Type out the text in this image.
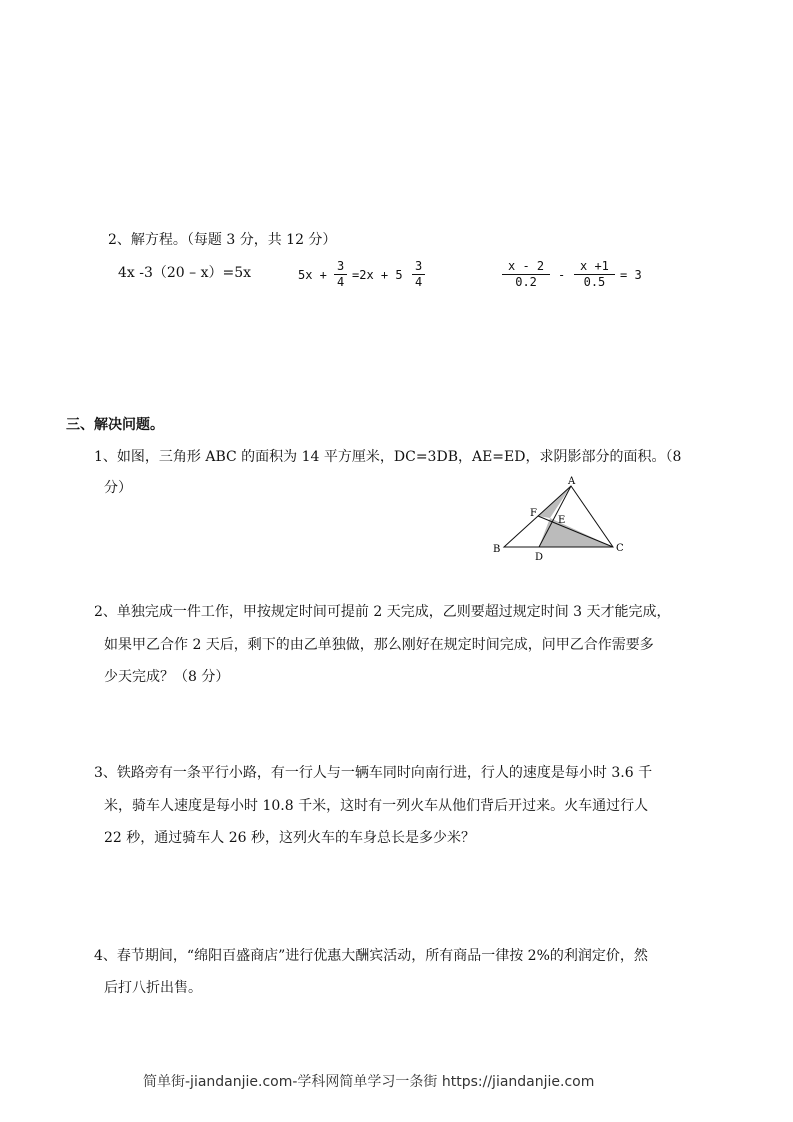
2、解方程。（每题 3 分，共 12 分）
4x -3（20 – x）=5x	$5x + \frac{3}{4} =2x + 5 \frac{3}{4}$	$\frac{x - 2}{0.2} - \frac{x +1}{0.5} = 3$
三、解决问题。
1、如图，三角形 ABC 的面积为 14 平方厘米，DC=3DB，AE=ED，求阴影部分的面积。（8
分）	A
B	C
D
E
F
2、单独完成一件工作，甲按规定时间可提前 2 天完成，乙则要超过规定时间 3 天才能完成，
如果甲乙合作 2 天后，剩下的由乙单独做，那么刚好在规定时间完成，问甲乙合作需要多
少天完成？（8 分）
3、铁路旁有一条平行小路，有一行人与一辆车同时向南行进，行人的速度是每小时 3.6 千
米，骑车人速度是每小时 10.8 千米，这时有一列火车从他们背后开过来。火车通过行人
22 秒，通过骑车人 26 秒，这列火车的车身总长是多少米？
4、春节期间，“绵阳百盛商店”进行优惠大酬宾活动，所有商品一律按 2%的利润定价，然
后打八折出售。
简单街-jiandanjie.com-学科网简单学习一条街 https://jiandanjie.com
